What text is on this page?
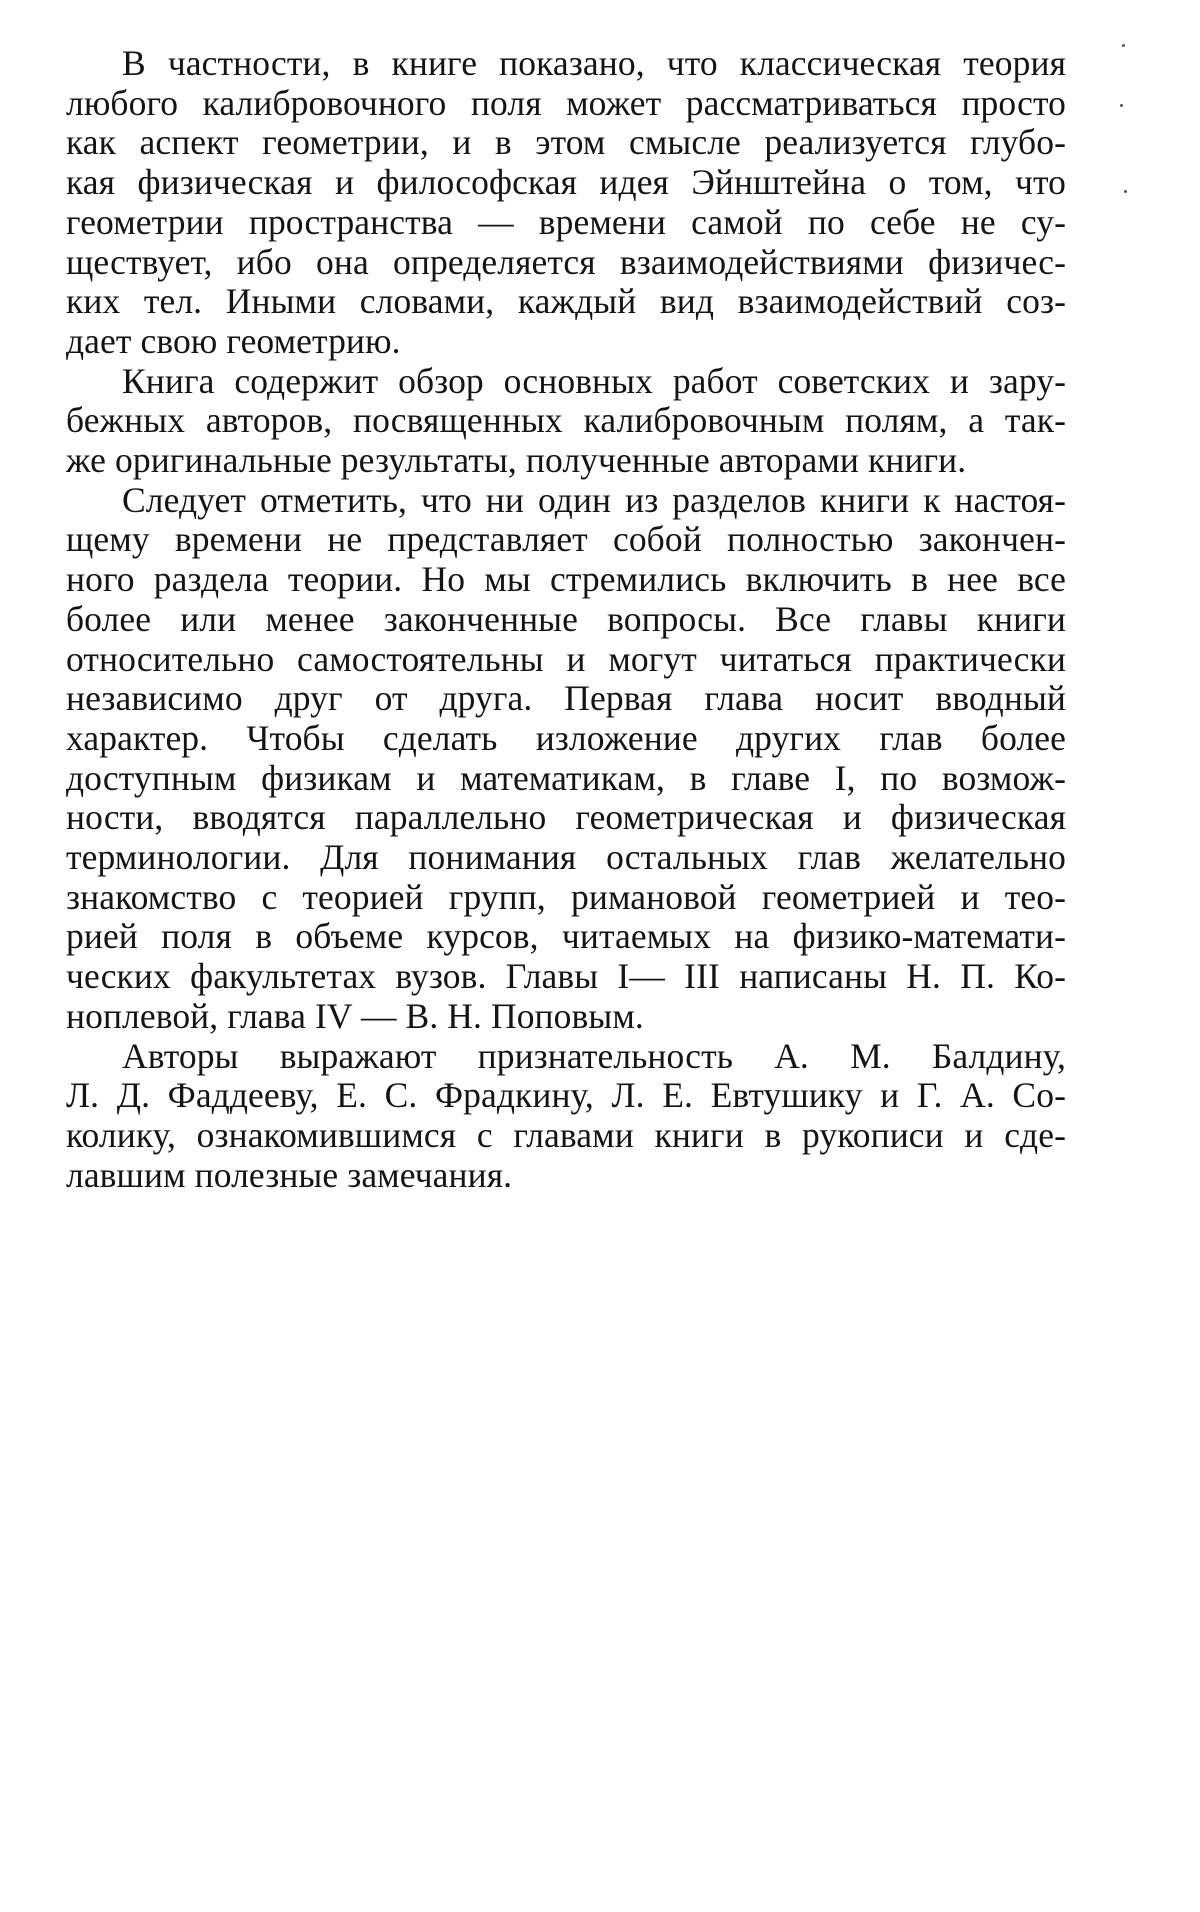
В частности, в книге показано, что классическая теория
любого калибровочного поля может рассматриваться просто
как аспект геометрии, и в этом смысле реализуется глубо-
кая физическая и философская идея Эйнштейна о том, что
геометрии пространства — времени самой по себе не су-
ществует, ибо она определяется взаимодействиями физичес-
ких тел. Иными словами, каждый вид взаимодействий соз-
дает свою геометрию.

Книга содержит обзор основных работ советских и зару-
бежных авторов, посвященных калибровочным полям, а так-
же оригинальные результаты, полученные авторами книги.

Следует отметить, что ни один из разделов книги к настоя-
щему времени не представляет собой полностью закончен-
ного раздела теории. Но мы стремились включить в нее все
более или менее законченные вопросы. Все главы книги
относительно самостоятельны и могут читаться практически
независимо друг от друга. Первая глава носит вводный
характер. Чтобы сделать изложение других глав более
доступным физикам и математикам, в главе I, по возмож-
ности, вводятся параллельно геометрическая и физическая
терминологии. Для понимания остальных глав желательно
знакомство с теорией групп, римановой геометрией и тео-
рией поля в объеме курсов, читаемых на физико-математи-
ческих факультетах вузов. Главы I— III написаны Н. П. Ко-
ноплевой, глава IV — В. Н. Поповым.

Авторы выражают признательность А. М. Балдину,
Л. Д. Фаддееву, Е. С. Фрадкину, Л. Е. Евтушику и Г. А. Со-
колику, ознакомившимся с главами книги в рукописи и сде-
лавшим полезные замечания.
